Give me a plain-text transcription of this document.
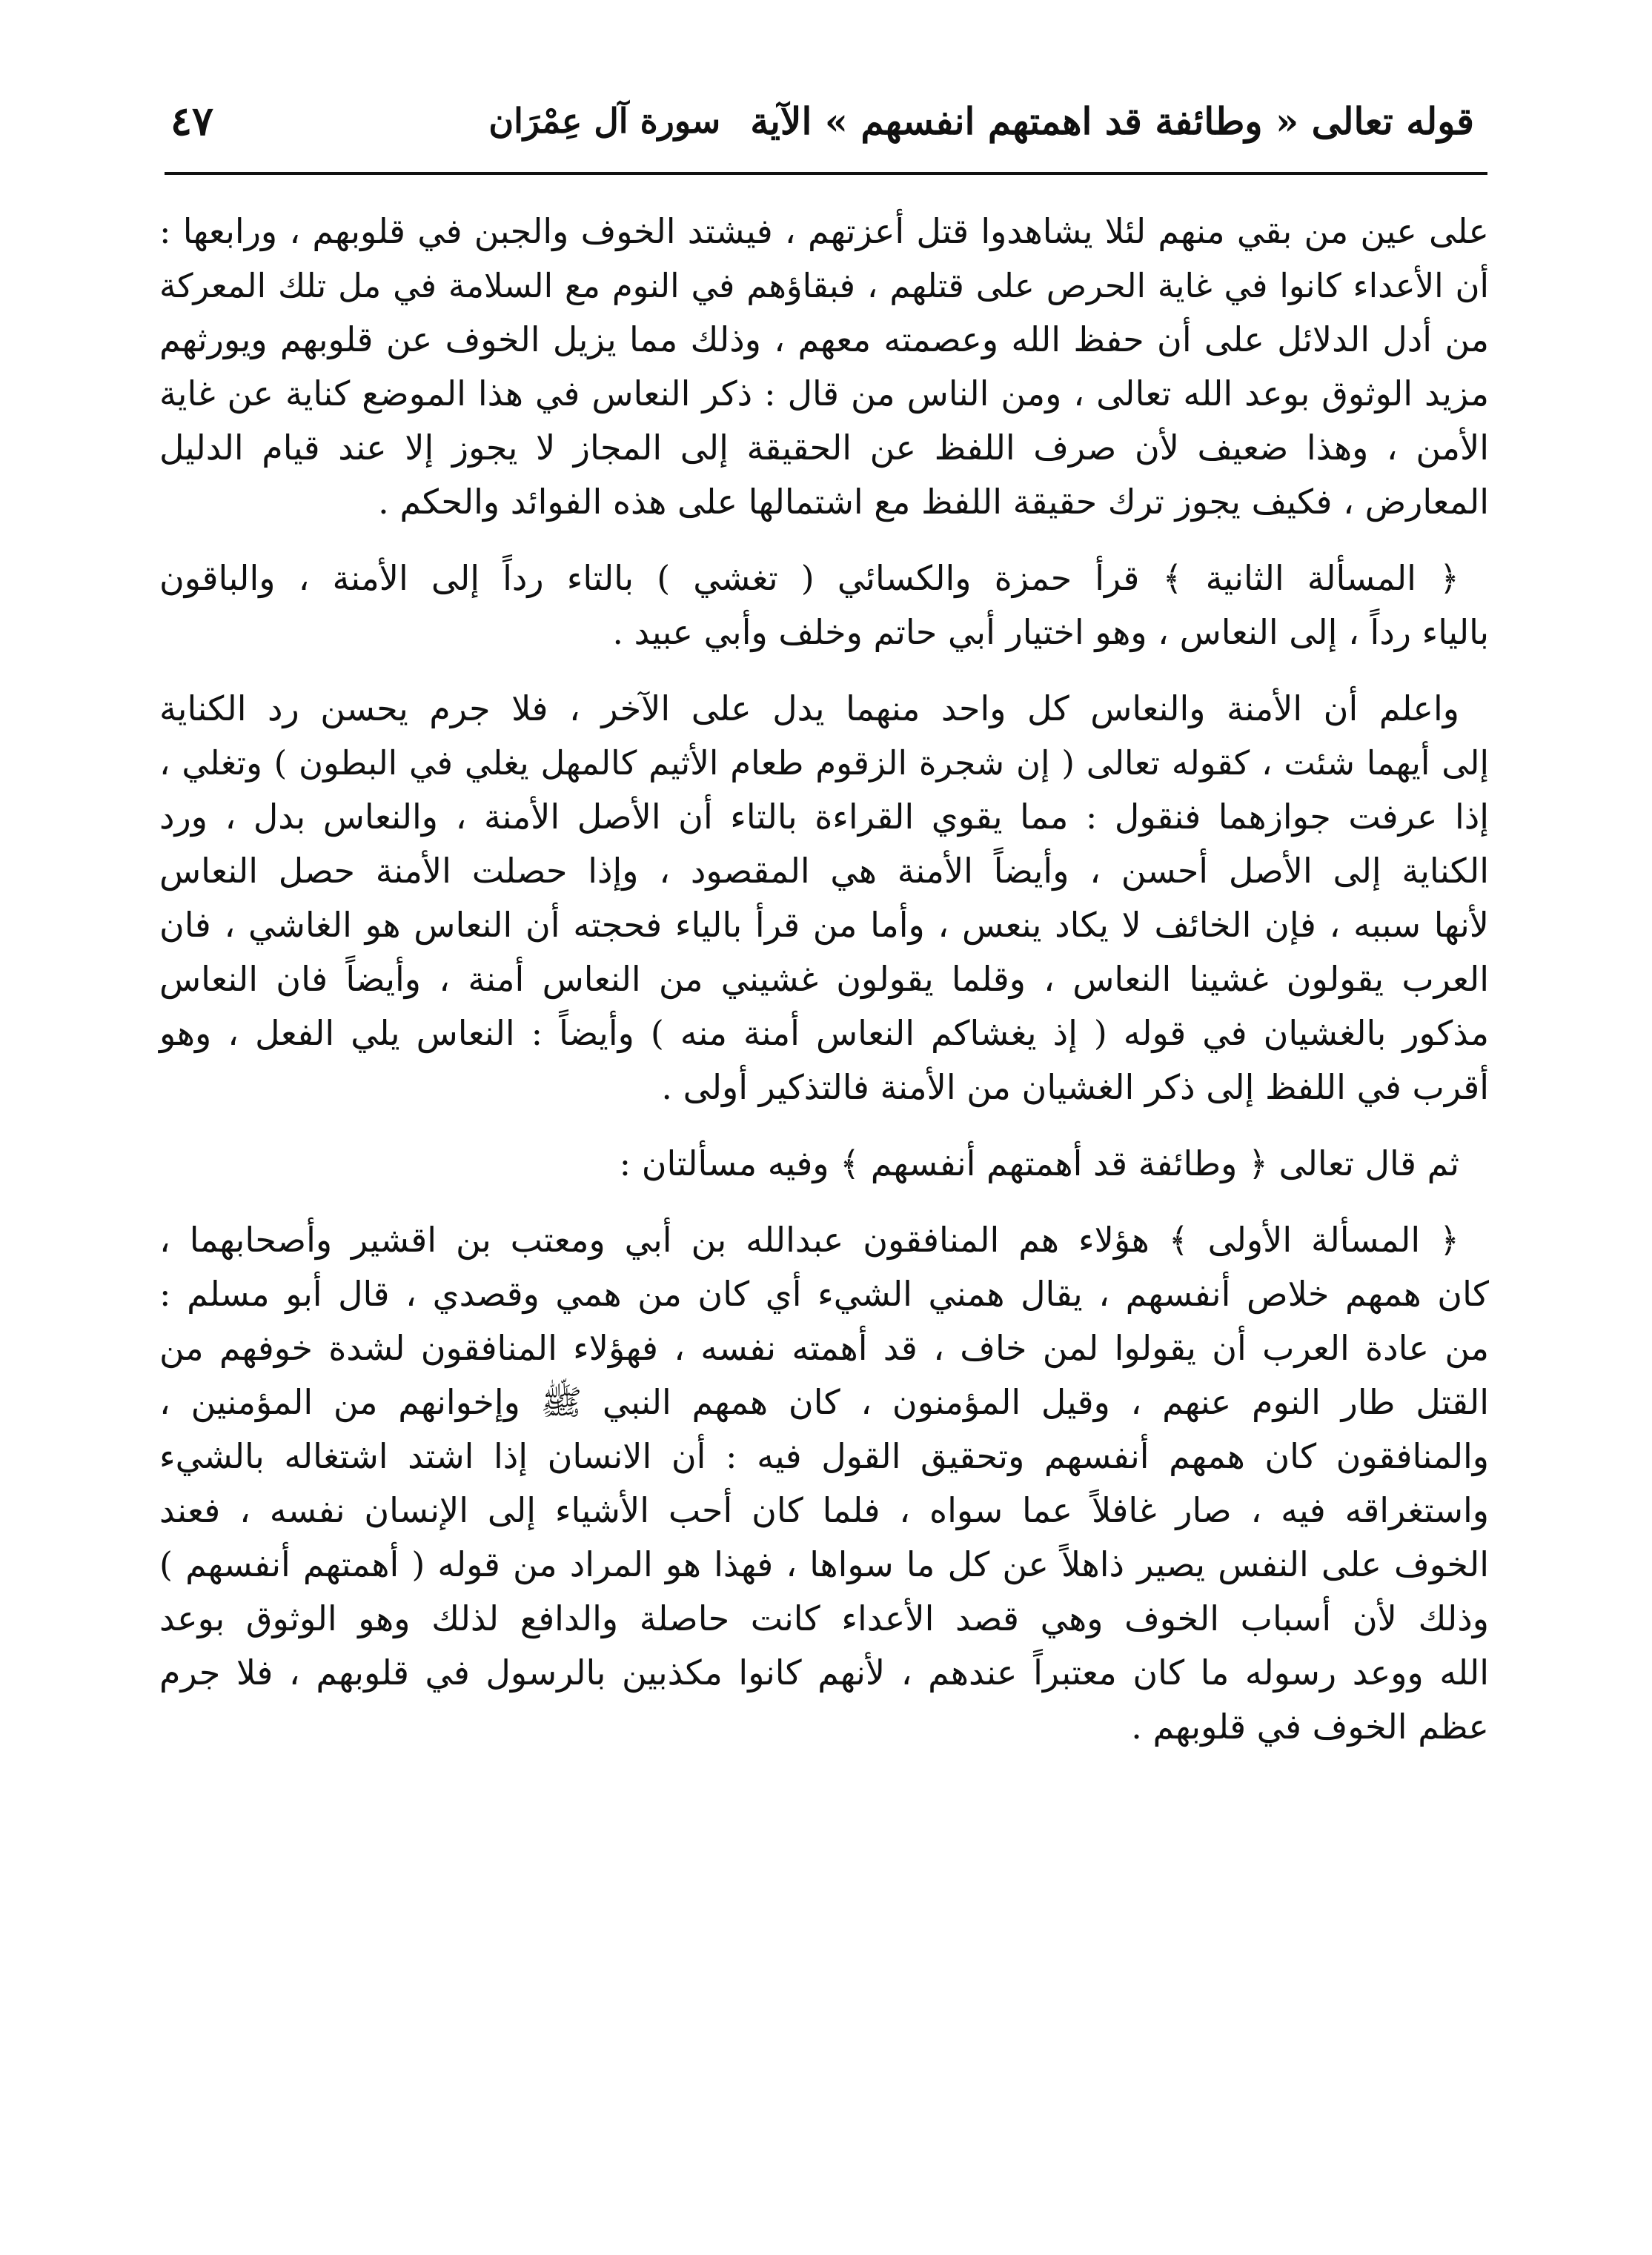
قوله تعالى « وطائفة قد اهمتهم انفسهم » الآية
سورة آل عِمْرَان
٤٧

على عين من بقي منهم لئلا يشاهدوا قتل أعزتهم ، فيشتد الخوف والجبن في قلوبهم ، ورابعها :
أن الأعداء كانوا في غاية الحرص على قتلهم ، فبقاؤهم في النوم مع السلامة في مل تلك المعركة
من أدل الدلائل على أن حفظ الله وعصمته معهم ، وذلك مما يزيل الخوف عن قلوبهم ويورثهم
مزيد الوثوق بوعد الله تعالى ، ومن الناس من قال : ذكر النعاس في هذا الموضع كناية عن غاية
الأمن ، وهذا ضعيف لأن صرف اللفظ عن الحقيقة إلى المجاز لا يجوز إلا عند قيام الدليل
المعارض ، فكيف يجوز ترك حقيقة اللفظ مع اشتمالها على هذه الفوائد والحكم .

﴿ المسألة الثانية ﴾ قرأ حمزة والكسائي ( تغشي ) بالتاء رداً إلى الأمنة ، والباقون
بالياء رداً ، إلى النعاس ، وهو اختيار أبي حاتم وخلف وأبي عبيد .

واعلم أن الأمنة والنعاس كل واحد منهما يدل على الآخر ، فلا جرم يحسن رد الكناية
إلى أيهما شئت ، كقوله تعالى ( إن شجرة الزقوم طعام الأثيم كالمهل يغلي في البطون ) وتغلي ،
إذا عرفت جوازهما فنقول : مما يقوي القراءة بالتاء أن الأصل الأمنة ، والنعاس بدل ، ورد
الكناية إلى الأصل أحسن ، وأيضاً الأمنة هي المقصود ، وإذا حصلت الأمنة حصل النعاس
لأنها سببه ، فإن الخائف لا يكاد ينعس ، وأما من قرأ بالياء فحجته أن النعاس هو الغاشي ، فان
العرب يقولون غشينا النعاس ، وقلما يقولون غشيني من النعاس أمنة ، وأيضاً فان النعاس
مذكور بالغشيان في قوله ( إذ يغشاكم النعاس أمنة منه ) وأيضاً : النعاس يلي الفعل ، وهو
أقرب في اللفظ إلى ذكر الغشيان من الأمنة فالتذكير أولى .

ثم قال تعالى ﴿ وطائفة قد أهمتهم أنفسهم ﴾ وفيه مسألتان :

﴿ المسألة الأولى ﴾ هؤلاء هم المنافقون عبدالله بن أبي ومعتب بن اقشير وأصحابهما ،
كان همهم خلاص أنفسهم ، يقال همني الشيء أي كان من همي وقصدي ، قال أبو مسلم :
من عادة العرب أن يقولوا لمن خاف ، قد أهمته نفسه ، فهؤلاء المنافقون لشدة خوفهم من
القتل طار النوم عنهم ، وقيل المؤمنون ، كان همهم النبي ﷺ وإخوانهم من المؤمنين ،
والمنافقون كان همهم أنفسهم وتحقيق القول فيه : أن الانسان إذا اشتد اشتغاله بالشيء
واستغراقه فيه ، صار غافلاً عما سواه ، فلما كان أحب الأشياء إلى الإنسان نفسه ، فعند
الخوف على النفس يصير ذاهلاً عن كل ما سواها ، فهذا هو المراد من قوله ( أهمتهم أنفسهم )
وذلك لأن أسباب الخوف وهي قصد الأعداء كانت حاصلة والدافع لذلك وهو الوثوق بوعد
الله ووعد رسوله ما كان معتبراً عندهم ، لأنهم كانوا مكذبين بالرسول في قلوبهم ، فلا جرم
عظم الخوف في قلوبهم .
